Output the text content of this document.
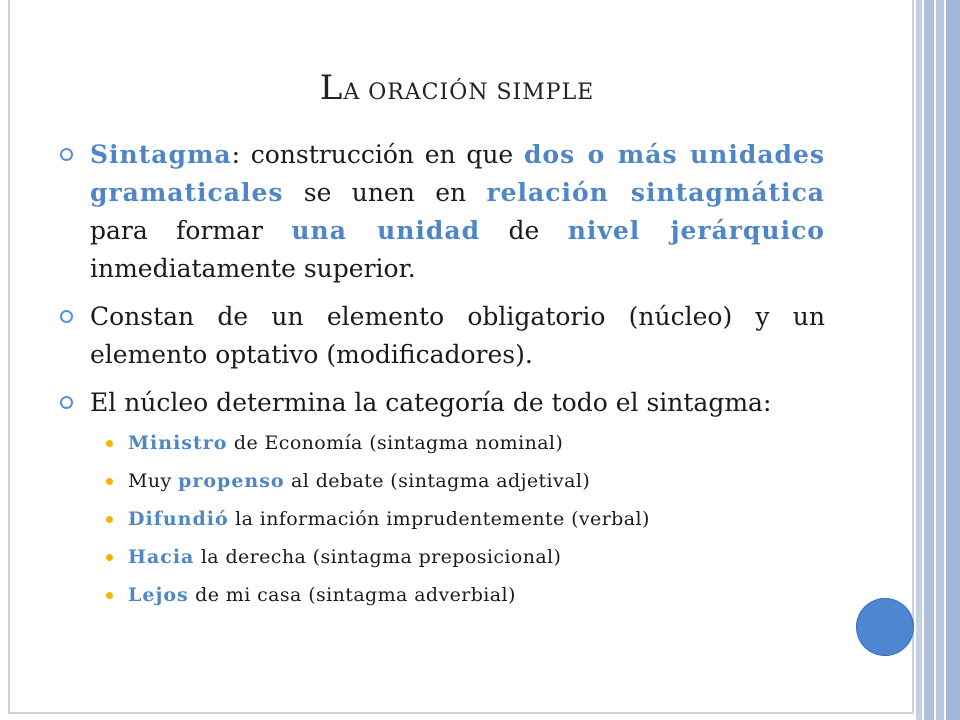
LA ORACIÓN SIMPLE
Sintagma: construcción en que dos o más unidades gramaticales se unen en relación sintagmática para formar una unidad de nivel jerárquico inmediatamente superior.
Constan de un elemento obligatorio (núcleo) y un elemento optativo (modificadores).
El núcleo determina la categoría de todo el sintagma:
Ministro de Economía (sintagma nominal)
Muy propenso al debate (sintagma adjetival)
Difundió la información imprudentemente (verbal)
Hacia la derecha (sintagma preposicional)
Lejos de mi casa (sintagma adverbial)
